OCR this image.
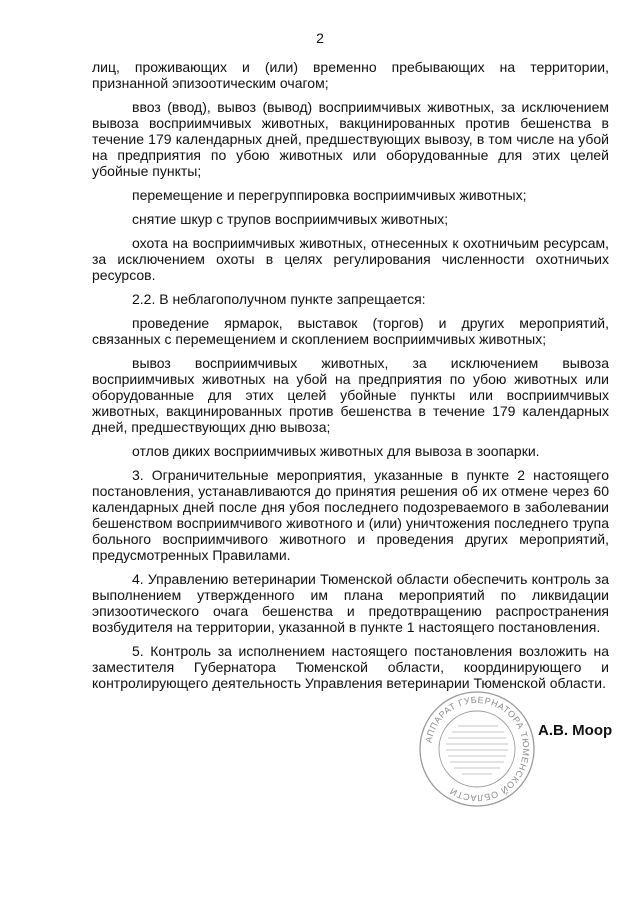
2

лиц, проживающих и (или) временно пребывающих на территории, признанной эпизоотическим очагом;

ввоз (ввод), вывоз (вывод) восприимчивых животных, за исключением вывоза восприимчивых животных, вакцинированных против бешенства в течение 179 календарных дней, предшествующих вывозу, в том числе на убой на предприятия по убою животных или оборудованные для этих целей убойные пункты;

перемещение и перегруппировка восприимчивых животных;

снятие шкур с трупов восприимчивых животных;

охота на восприимчивых животных, отнесенных к охотничьим ресурсам, за исключением охоты в целях регулирования численности охотничьих ресурсов.

2.2. В неблагополучном пункте запрещается:

проведение ярмарок, выставок (торгов) и других мероприятий, связанных с перемещением и скоплением восприимчивых животных;

вывоз восприимчивых животных, за исключением вывоза восприимчивых животных на убой на предприятия по убою животных или оборудованные для этих целей убойные пункты или восприимчивых животных, вакцинированных против бешенства в течение 179 календарных дней, предшествующих дню вывоза;

отлов диких восприимчивых животных для вывоза в зоопарки.

3. Ограничительные мероприятия, указанные в пункте 2 настоящего постановления, устанавливаются до принятия решения об их отмене через 60 календарных дней после дня убоя последнего подозреваемого в заболевании бешенством восприимчивого животного и (или) уничтожения последнего трупа больного восприимчивого животного и проведения других мероприятий, предусмотренных Правилами.

4. Управлению ветеринарии Тюменской области обеспечить контроль за выполнением утвержденного им плана мероприятий по ликвидации эпизоотического очага бешенства и предотвращению распространения возбудителя на территории, указанной в пункте 1 настоящего постановления.

5. Контроль за исполнением настоящего постановления возложить на заместителя Губернатора Тюменской области, координирующего и контролирующего деятельность Управления ветеринарии Тюменской области.

АППАРАТ ГУБЕРНАТОРА ТЮМЕНСКОЙ ОБЛАСТИ
А.В. Моор
